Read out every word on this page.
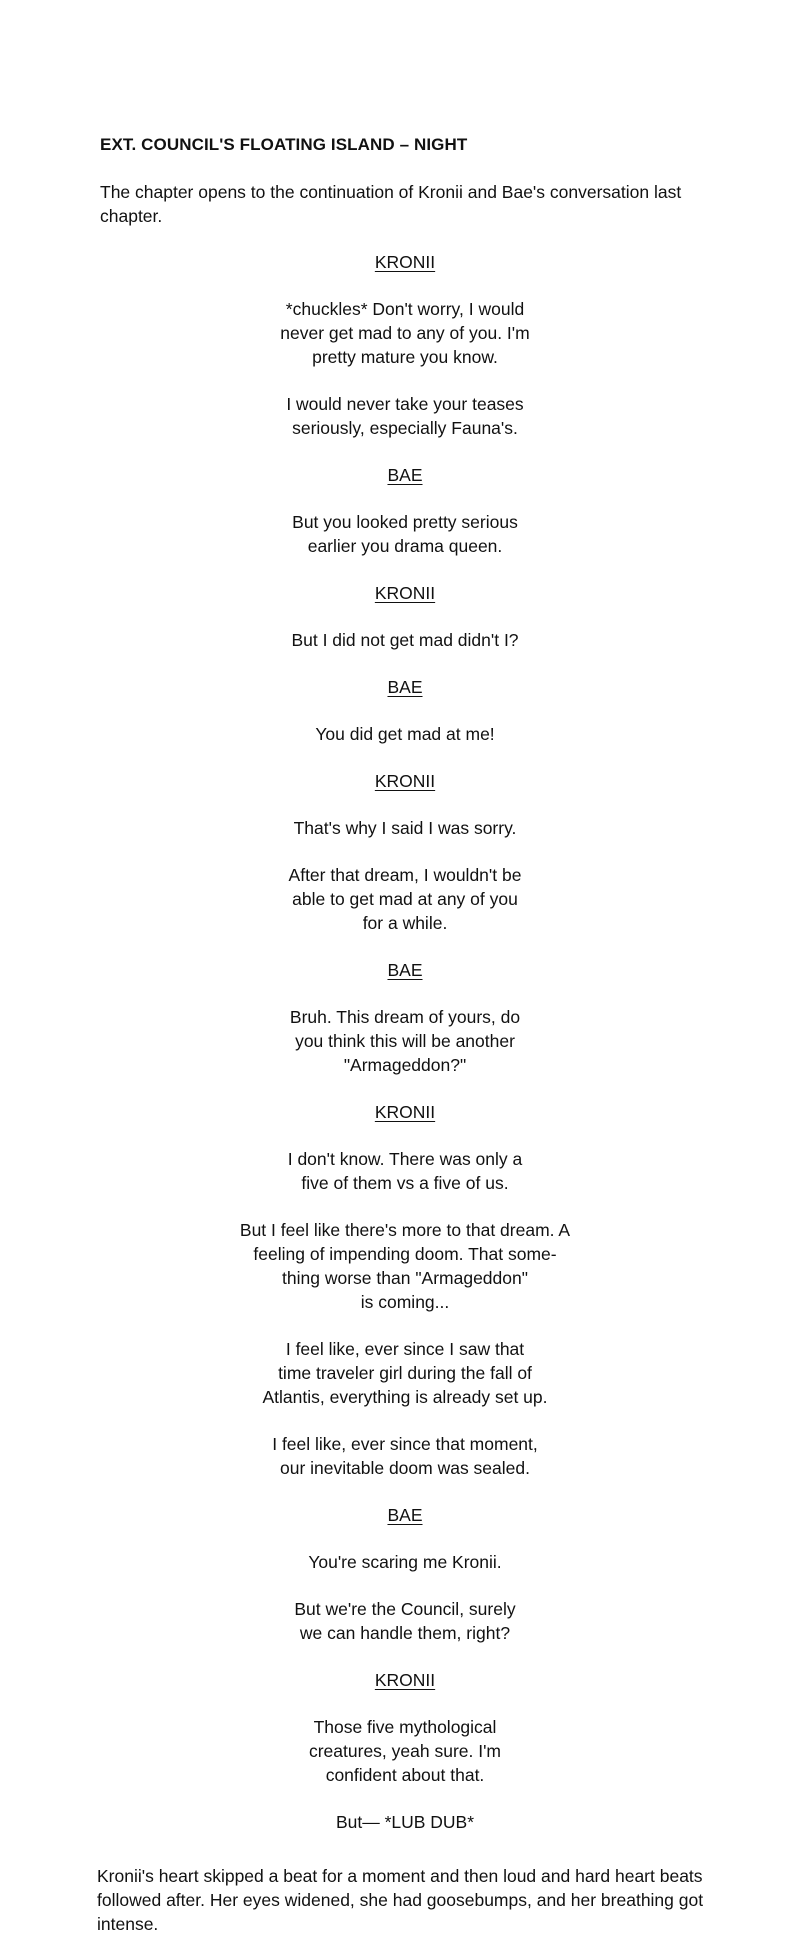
EXT. COUNCIL'S FLOATING ISLAND – NIGHT

The chapter opens to the continuation of Kronii and Bae's conversation last
chapter.

KRONII

*chuckles* Don't worry, I would
never get mad to any of you. I'm
pretty mature you know.

I would never take your teases
seriously, especially Fauna's.

BAE

But you looked pretty serious
earlier you drama queen.

KRONII

But I did not get mad didn't I?

BAE

You did get mad at me!

KRONII

That's why I said I was sorry.

After that dream, I wouldn't be
able to get mad at any of you
for a while.

BAE

Bruh. This dream of yours, do
you think this will be another
"Armageddon?"

KRONII

I don't know. There was only a
five of them vs a five of us.

But I feel like there's more to that dream. A
feeling of impending doom. That some-
thing worse than "Armageddon"
is coming...

I feel like, ever since I saw that
time traveler girl during the fall of
Atlantis, everything is already set up.

I feel like, ever since that moment,
our inevitable doom was sealed.

BAE

You're scaring me Kronii.

But we're the Council, surely
we can handle them, right?

KRONII

Those five mythological
creatures, yeah sure. I'm
confident about that.

But— *LUB DUB*

Kronii's heart skipped a beat for a moment and then loud and hard heart beats
followed after. Her eyes widened, she had goosebumps, and her breathing got
intense.
